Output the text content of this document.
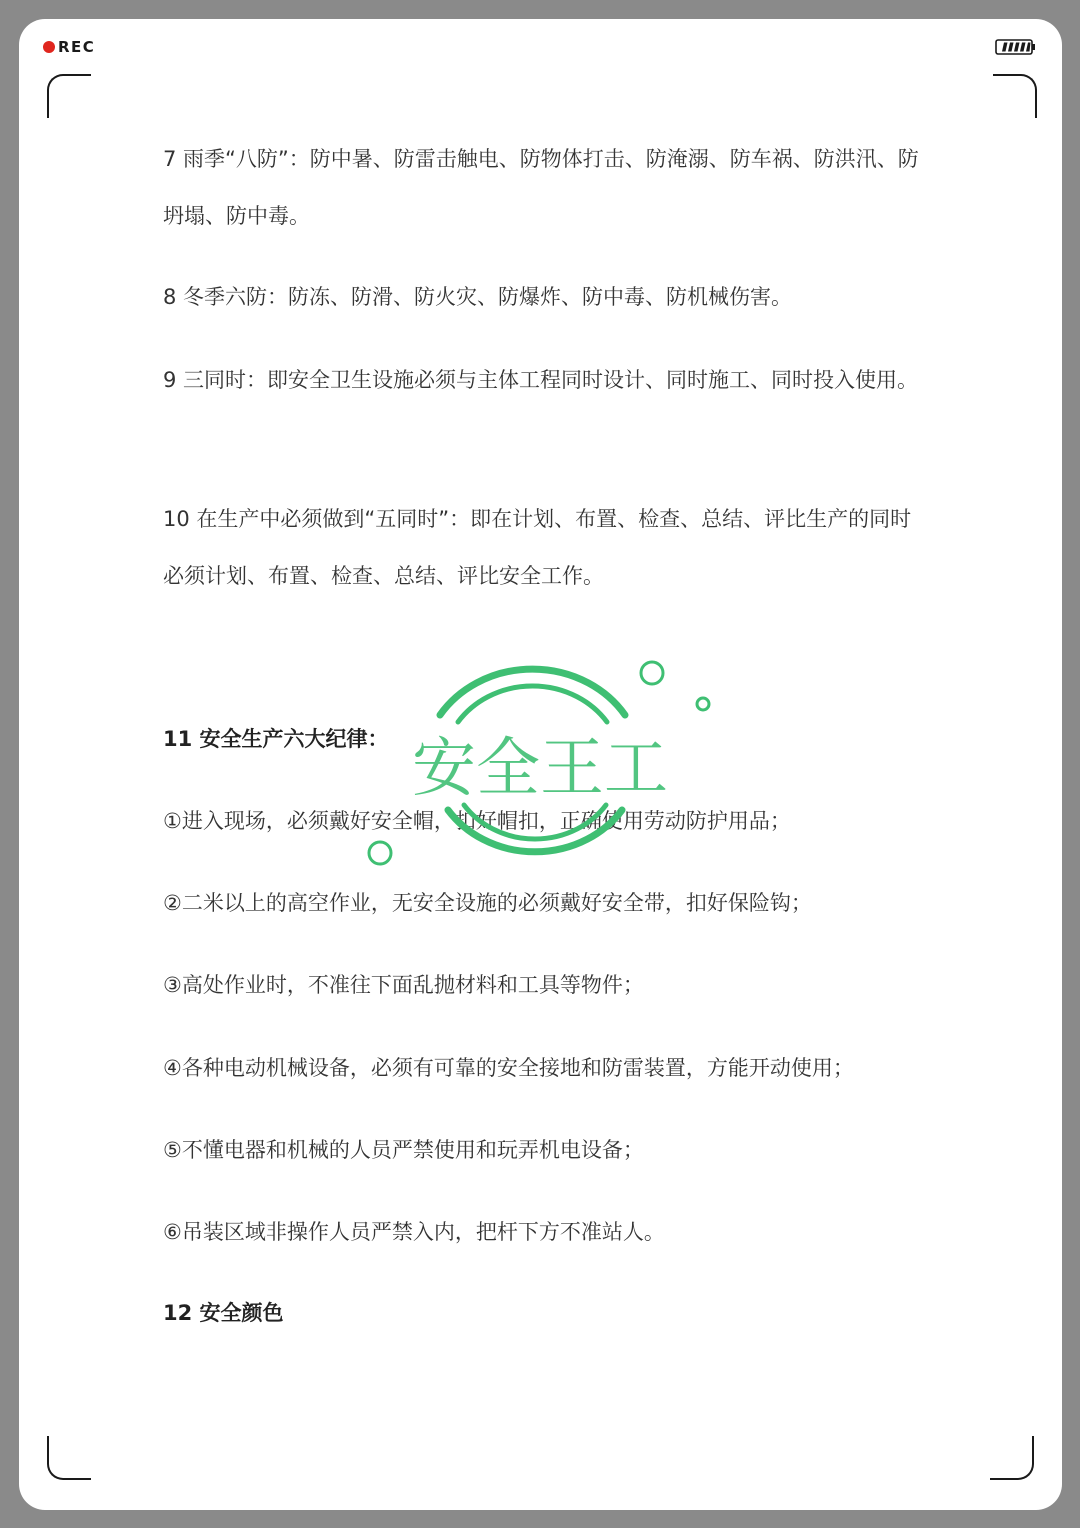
REC

7 雨季“八防”：防中暑、防雷击触电、防物体打击、防淹溺、防车祸、防洪汛、防坍塌、防中毒。

8 冬季六防：防冻、防滑、防火灾、防爆炸、防中毒、防机械伤害。

9 三同时：即安全卫生设施必须与主体工程同时设计、同时施工、同时投入使用。

10 在生产中必须做到“五同时”：即在计划、布置、检查、总结、评比生产的同时必须计划、布置、检查、总结、评比安全工作。

11 安全生产六大纪律：

①进入现场，必须戴好安全帽，扣好帽扣，正确使用劳动防护用品；

②二米以上的高空作业，无安全设施的必须戴好安全带，扣好保险钩；

③高处作业时，不准往下面乱抛材料和工具等物件；

④各种电动机械设备，必须有可靠的安全接地和防雷装置，方能开动使用；

⑤不懂电器和机械的人员严禁使用和玩弄机电设备；

⑥吊装区域非操作人员严禁入内，把杆下方不准站人。

12 安全颜色

安全王工
